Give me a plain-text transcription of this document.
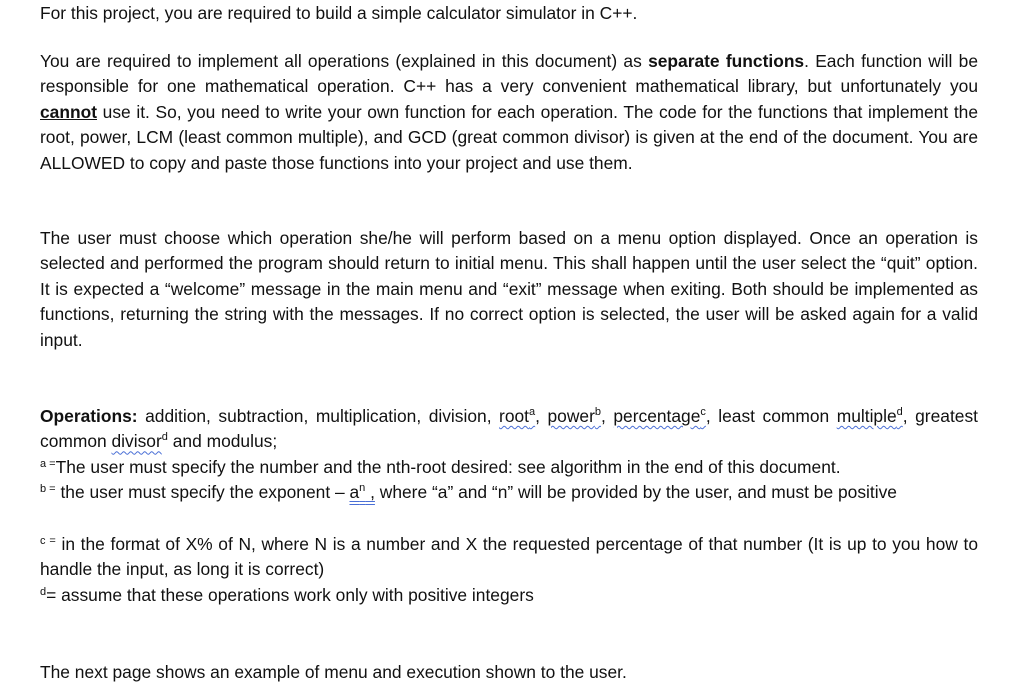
For this project, you are required to build a simple calculator simulator in C++.

You are required to implement all operations (explained in this document) as separate functions. Each function will be responsible for one mathematical operation. C++ has a very convenient mathematical library, but unfortunately you cannot use it. So, you need to write your own function for each operation. The code for the functions that implement the root, power, LCM (least common multiple), and GCD (great common divisor) is given at the end of the document. You are ALLOWED to copy and paste those functions into your project and use them.

The user must choose which operation she/he will perform based on a menu option displayed. Once an operation is selected and performed the program should return to initial menu. This shall happen until the user select the “quit” option. It is expected a “welcome” message in the main menu and “exit” message when exiting. Both should be implemented as functions, returning the string with the messages. If no correct option is selected, the user will be asked again for a valid input.

Operations: addition, subtraction, multiplication, division, root$^a$, power$^b$, percentage$^c$, least common multiple$^d$, greatest common divisor$^d$ and modulus;

$^{a =}$The user must specify the number and the nth-root desired: see algorithm in the end of this document.

$^{b =}$ the user must specify the exponent – $a^n$ , where “a” and “n” will be provided by the user, and must be positive

$^{c =}$ in the format of X% of N, where N is a number and X the requested percentage of that number (It is up to you how to handle the input, as long it is correct)

$^d$= assume that these operations work only with positive integers

The next page shows an example of menu and execution shown to the user.
